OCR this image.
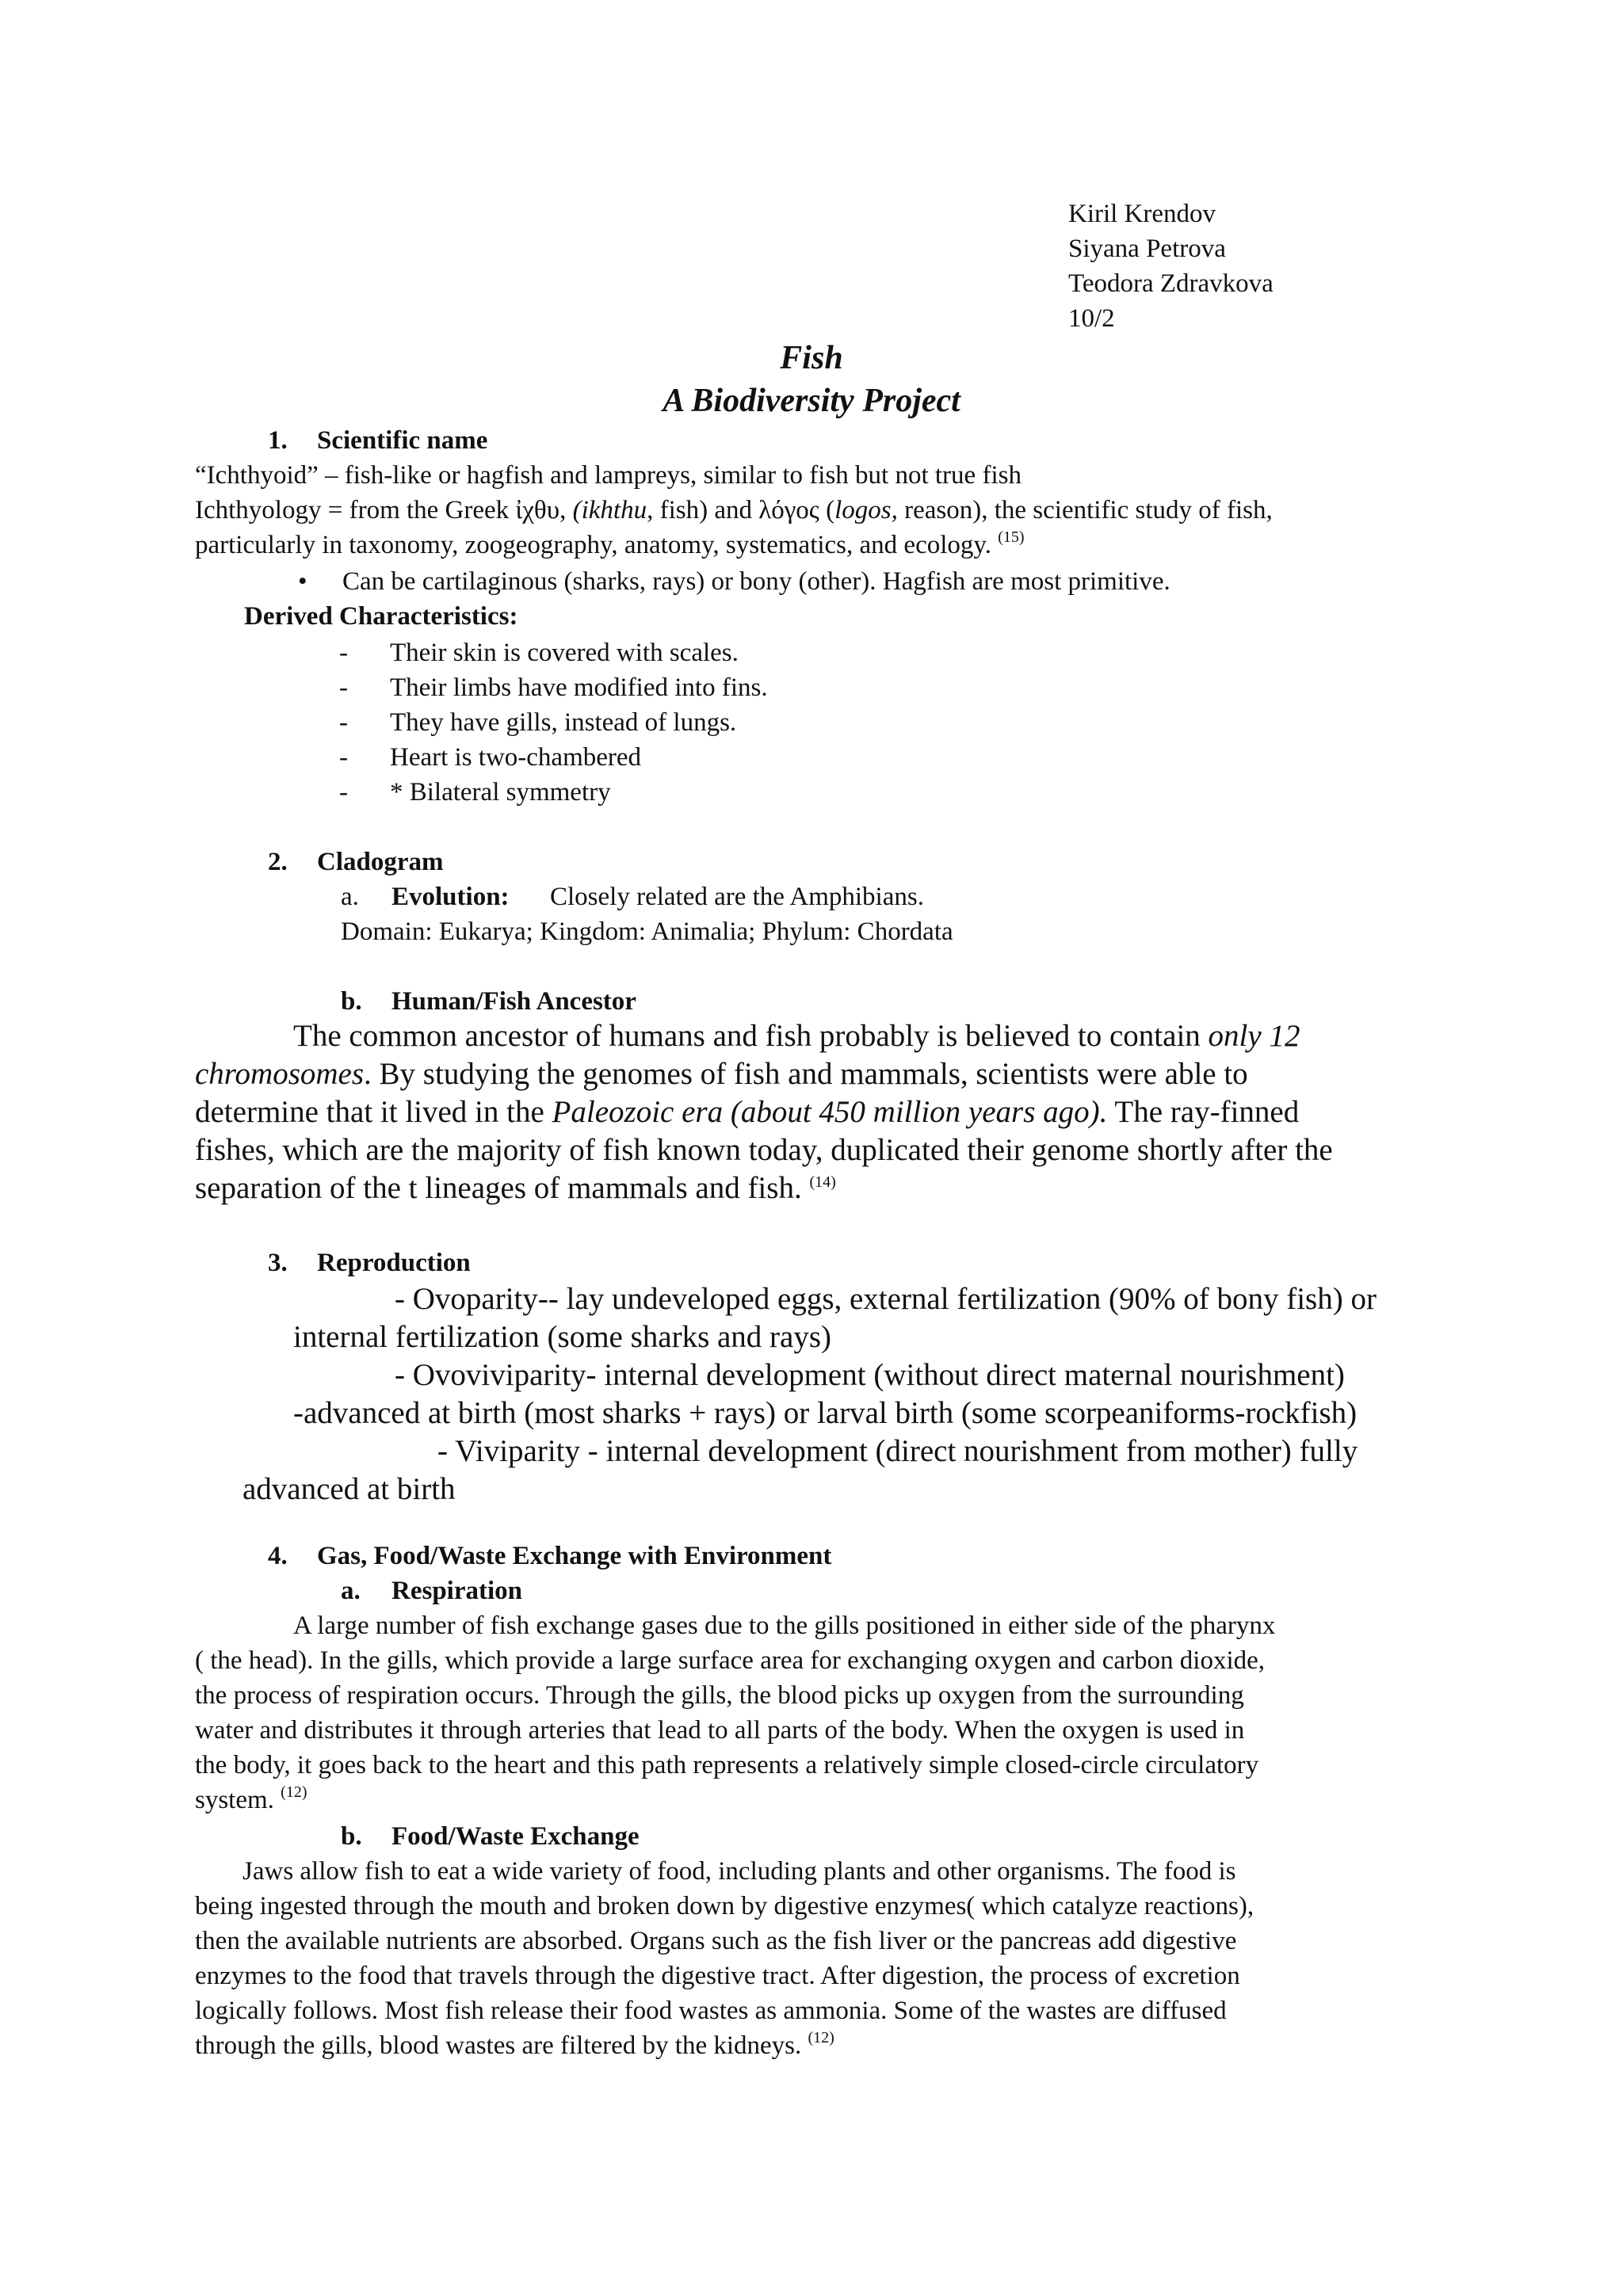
Kiril Krendov
Siyana Petrova
Teodora Zdravkova
10/2
Fish
A Biodiversity Project
1. Scientific name
“Ichthyoid” – fish-like or hagfish and lampreys, similar to fish but not true fish
Ichthyology = from the Greek ἰχθυ, (ikhthu, fish) and λόγος (logos, reason), the scientific study of fish,
particularly in taxonomy, zoogeography, anatomy, systematics, and ecology. $^{(15)}$
• Can be cartilaginous (sharks, rays) or bony (other). Hagfish are most primitive.
Derived Characteristics:
- Their skin is covered with scales.
- Their limbs have modified into fins.
- They have gills, instead of lungs.
- Heart is two-chambered
- * Bilateral symmetry
2. Cladogram
a. Evolution: Closely related are the Amphibians.
Domain: Eukarya; Kingdom: Animalia; Phylum: Chordata
b. Human/Fish Ancestor
The common ancestor of humans and fish probably is believed to contain only 12
chromosomes. By studying the genomes of fish and mammals, scientists were able to
determine that it lived in the Paleozoic era (about 450 million years ago). The ray-finned
fishes, which are the majority of fish known today, duplicated their genome shortly after the
separation of the t lineages of mammals and fish. $^{(14)}$
3. Reproduction
- Ovoparity-- lay undeveloped eggs, external fertilization (90% of bony fish) or
internal fertilization (some sharks and rays)
- Ovoviviparity- internal development (without direct maternal nourishment)
-advanced at birth (most sharks + rays) or larval birth (some scorpeaniforms-rockfish)
- Viviparity - internal development (direct nourishment from mother) fully
advanced at birth
4. Gas, Food/Waste Exchange with Environment
a. Respiration
A large number of fish exchange gases due to the gills positioned in either side of the pharynx
( the head). In the gills, which provide a large surface area for exchanging oxygen and carbon dioxide,
the process of respiration occurs. Through the gills, the blood picks up oxygen from the surrounding
water and distributes it through arteries that lead to all parts of the body. When the oxygen is used in
the body, it goes back to the heart and this path represents a relatively simple closed-circle circulatory
system. $^{(12)}$
b. Food/Waste Exchange
Jaws allow fish to eat a wide variety of food, including plants and other organisms. The food is
being ingested through the mouth and broken down by digestive enzymes( which catalyze reactions),
then the available nutrients are absorbed. Organs such as the fish liver or the pancreas add digestive
enzymes to the food that travels through the digestive tract. After digestion, the process of excretion
logically follows. Most fish release their food wastes as ammonia. Some of the wastes are diffused
through the gills, blood wastes are filtered by the kidneys. $^{(12)}$
